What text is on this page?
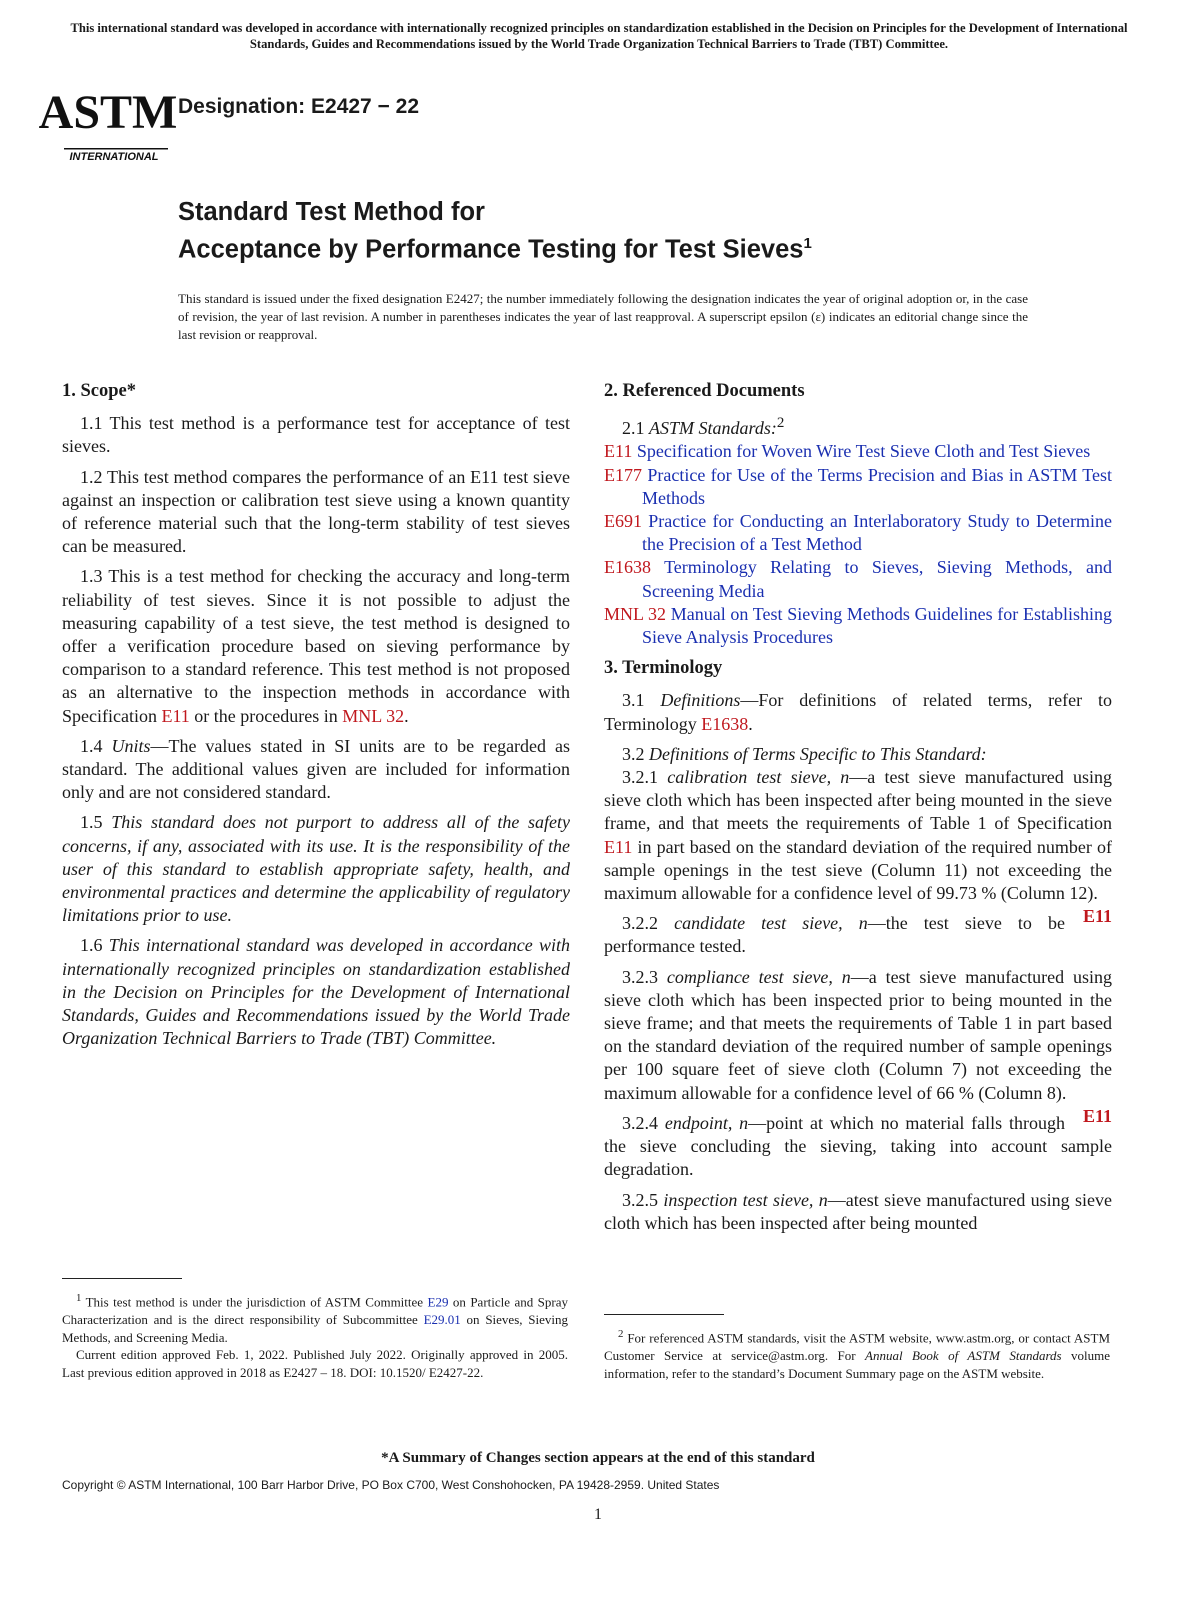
This international standard was developed in accordance with internationally recognized principles on standardization established in the Decision on Principles for the Development of International Standards, Guides and Recommendations issued by the World Trade Organization Technical Barriers to Trade (TBT) Committee.
ASTM
INTERNATIONAL
Designation: E2427 − 22
Standard Test Method for
Acceptance by Performance Testing for Test Sieves$^1$
This standard is issued under the fixed designation E2427; the number immediately following the designation indicates the year of original adoption or, in the case of revision, the year of last revision. A number in parentheses indicates the year of last reapproval. A superscript epsilon (ε) indicates an editorial change since the last revision or reapproval.
1. Scope*

1.1 This test method is a performance test for acceptance of test sieves.

1.2 This test method compares the performance of an E11 test sieve against an inspection or calibration test sieve using a known quantity of reference material such that the long-term stability of test sieves can be measured.

1.3 This is a test method for checking the accuracy and long-term reliability of test sieves. Since it is not possible to adjust the measuring capability of a test sieve, the test method is designed to offer a verification procedure based on sieving performance by comparison to a standard reference. This test method is not proposed as an alternative to the inspection methods in accordance with Specification E11 or the procedures in MNL 32.

1.4 Units—The values stated in SI units are to be regarded as standard. The additional values given are included for information only and are not considered standard.

1.5 This standard does not purport to address all of the safety concerns, if any, associated with its use. It is the responsibility of the user of this standard to establish appropriate safety, health, and environmental practices and determine the applicability of regulatory limitations prior to use.

1.6 This international standard was developed in accordance with internationally recognized principles on standardization established in the Decision on Principles for the Development of International Standards, Guides and Recommendations issued by the World Trade Organization Technical Barriers to Trade (TBT) Committee.

2. Referenced Documents

2.1 ASTM Standards:$^2$

E11 Specification for Woven Wire Test Sieve Cloth and Test Sieves
E177 Practice for Use of the Terms Precision and Bias in ASTM Test Methods
E691 Practice for Conducting an Interlaboratory Study to Determine the Precision of a Test Method
E1638 Terminology Relating to Sieves, Sieving Methods, and Screening Media
MNL 32 Manual on Test Sieving Methods Guidelines for Establishing Sieve Analysis Procedures
3. Terminology

3.1 Definitions—For definitions of related terms, refer to Terminology E1638.

3.2 Definitions of Terms Specific to This Standard:

3.2.1 calibration test sieve, n—a test sieve manufactured using sieve cloth which has been inspected after being mounted in the sieve frame, and that meets the requirements of Table 1 of Specification E11 in part based on the standard deviation of the required number of sample openings in the test sieve (Column 11) not exceeding the maximum allowable for a confidence level of 99.73 % (Column 12).
E11

3.2.2 candidate test sieve, n—the test sieve to be performance tested.

3.2.3 compliance test sieve, n—a test sieve manufactured using sieve cloth which has been inspected prior to being mounted in the sieve frame; and that meets the requirements of Table 1 in part based on the standard deviation of the required number of sample openings per 100 square feet of sieve cloth (Column 7) not exceeding the maximum allowable for a confidence level of 66 % (Column 8).
E11

3.2.4 endpoint, n—point at which no material falls through the sieve concluding the sieving, taking into account sample degradation.

3.2.5 inspection test sieve, n—atest sieve manufactured using sieve cloth which has been inspected after being mounted

$^1$ This test method is under the jurisdiction of ASTM Committee E29 on Particle and Spray Characterization and is the direct responsibility of Subcommittee E29.01 on Sieves, Sieving Methods, and Screening Media.

Current edition approved Feb. 1, 2022. Published July 2022. Originally approved in 2005. Last previous edition approved in 2018 as E2427 – 18. DOI: 10.1520/ E2427-22.

$^2$ For referenced ASTM standards, visit the ASTM website, www.astm.org, or contact ASTM Customer Service at service@astm.org. For Annual Book of ASTM Standards volume information, refer to the standard’s Document Summary page on the ASTM website.

*A Summary of Changes section appears at the end of this standard
Copyright © ASTM International, 100 Barr Harbor Drive, PO Box C700, West Conshohocken, PA 19428-2959. United States
1
